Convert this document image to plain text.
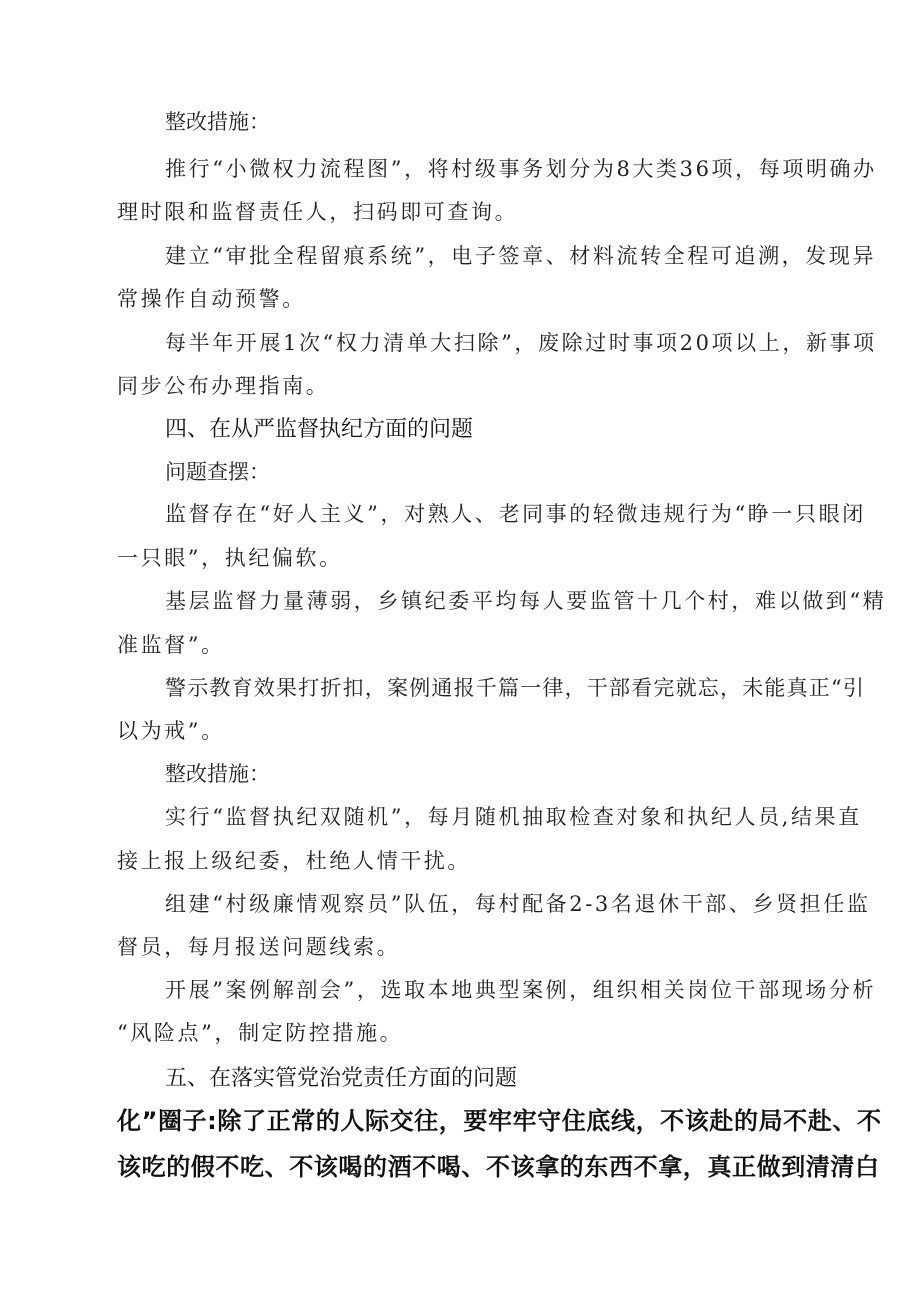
整改措施：
推行“小微权力流程图”，将村级事务划分为8大类36项，每项明确办
理时限和监督责任人，扫码即可查询。
建立“审批全程留痕系统”，电子签章、材料流转全程可追溯，发现异
常操作自动预警。
每半年开展1次“权力清单大扫除”，废除过时事项20项以上，新事项
同步公布办理指南。
四、在从严监督执纪方面的问题
问题查摆：
监督存在“好人主义”，对熟人、老同事的轻微违规行为“睁一只眼闭
一只眼”，执纪偏软。
基层监督力量薄弱，乡镇纪委平均每人要监管十几个村，难以做到“精
准监督”。
警示教育效果打折扣，案例通报千篇一律，干部看完就忘，未能真正“引
以为戒”。
整改措施：
实行“监督执纪双随机”，每月随机抽取检查对象和执纪人员,结果直
接上报上级纪委，杜绝人情干扰。
组建“村级廉情观察员”队伍，每村配备2-3名退休干部、乡贤担任监
督员，每月报送问题线索。
开展”案例解剖会”，选取本地典型案例，组织相关岗位干部现场分析
“风险点”，制定防控措施。
五、在落实管党治党责任方面的问题
化”圈子:除了正常的人际交往，要牢牢守住底线，不该赴的局不赴、不
该吃的假不吃、不该喝的酒不喝、不该拿的东西不拿，真正做到清清白
